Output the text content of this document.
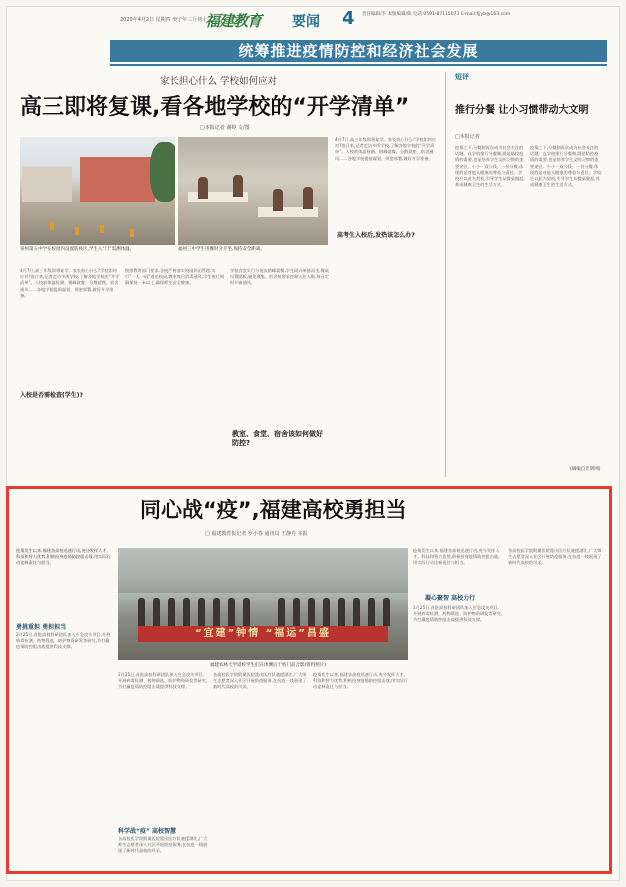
2020年4月2日 星期四 庚子年三月初十
福建教育 要闻 4 责任编辑/李 本版编辑/陈 电话:0591-87115073 E-mail:fjjyb@163.com
统筹推进疫情防控和经济社会发展
家长担心什么 学校如何应对
高三即将复课,看各地学校的“开学清单”
□本报记者 谢婷 文/图
泉州第五中学在校园内设置防疫区,学生入“门”需测体温。	福州三中学生用餐时分开坐,保持安全距离。
4月7日,高三年级即将复学。家长担心什么?学校如何应对?连日来,记者走访多所学校,了解各地学校的“开学清单”。入校前体温检测、错峰就餐、分散就座、宿舍通风……各地学校提前谋划、周密部署,做好开学准备。
入校是否需检查(学生)?
按照教育部门要求,各校严格落实校园封闭管理,实行“一人一码”进出校园,教室每日消毒通风,学生座位间隔保持一米以上,确保师生安全健康。
学校食堂实行分批次错峰就餐,学生同向单排而坐,餐桌设置隔板,避免聚集。宿舍按要求控制入住人数,每日定时开窗通风。
教室、食堂、宿舍该如何做好防控?
4月7日,高三年级即将复学。家长担心什么?学校如何应对?连日来,记者走访多所学校,了解各地学校的“开学清单”。入校前体温检测、错峰就餐、分散就座、宿舍通风……各地学校提前谋划、周密部署,做好开学准备。
高考生入校后,发热该怎么办?
短评
推行分餐 让小习惯带动大文明
□本报记者
疫情之下,分餐制再次成为社会关注的话题。在学校推行分餐制,既是防控疫情的需要,也是培养学生文明习惯的重要途径。小小一双公筷、一份分餐,体现的是对他人健康的尊重与责任。学校应以此为契机,引导学生从餐桌做起,养成健康卫生的生活方式。
疫情之下,分餐制再次成为社会关注的话题。在学校推行分餐制,既是防控疫情的需要,也是培养学生文明习惯的重要途径。小小一双公筷、一份分餐,体现的是对他人健康的尊重与责任。学校应以此为契机,引导学生从餐桌做起,养成健康卫生的生活方式。
(摘编自光明网)
同心战“疫”,福建高校勇担当
□ 福建教育报记者 罗小春 通讯员 王静丹 本报
疫情发生以来,福建各高校迅速行动,充分发挥人才、科技和智力优势,积极投身疫情防控阻击战,用实际行动诠释责任与担当。
勇挑重担 勇担担当
2月25日,首批高校科研团队加入应急攻关项目,开展病毒检测、药物筛选、防护物资研发等研究,为打赢疫情防控阻击战提供科技支撑。
“宜建”钟情 “福运”昌盛
福建农林大学返校学生们在体测后于校门前合影(资料照片)
2月25日,首批高校科研团队加入应急攻关项目,开展病毒检测、药物筛选、防护物资研发等研究,为打赢疫情防控阻击战提供科技支撑。
科学战“疫” 高校智慧
各高校医学院附属医院派出医疗队驰援湖北,广大师生志愿者深入社区开展防疫服务,在抗疫一线展现了新时代高校的风采。
各高校医学院附属医院派出医疗队驰援湖北,广大师生志愿者深入社区开展防疫服务,在抗疫一线展现了新时代高校的风采。
疫情发生以来,福建各高校迅速行动,充分发挥人才、科技和智力优势,积极投身疫情防控阻击战,用实际行动诠释责任与担当。
疫情发生以来,福建各高校迅速行动,充分发挥人才、科技和智力优势,积极投身疫情防控阻击战,用实际行动诠释责任与担当。
凝心聚智 高校力行
2月25日,首批高校科研团队加入应急攻关项目,开展病毒检测、药物筛选、防护物资研发等研究,为打赢疫情防控阻击战提供科技支撑。
各高校医学院附属医院派出医疗队驰援湖北,广大师生志愿者深入社区开展防疫服务,在抗疫一线展现了新时代高校的风采。
